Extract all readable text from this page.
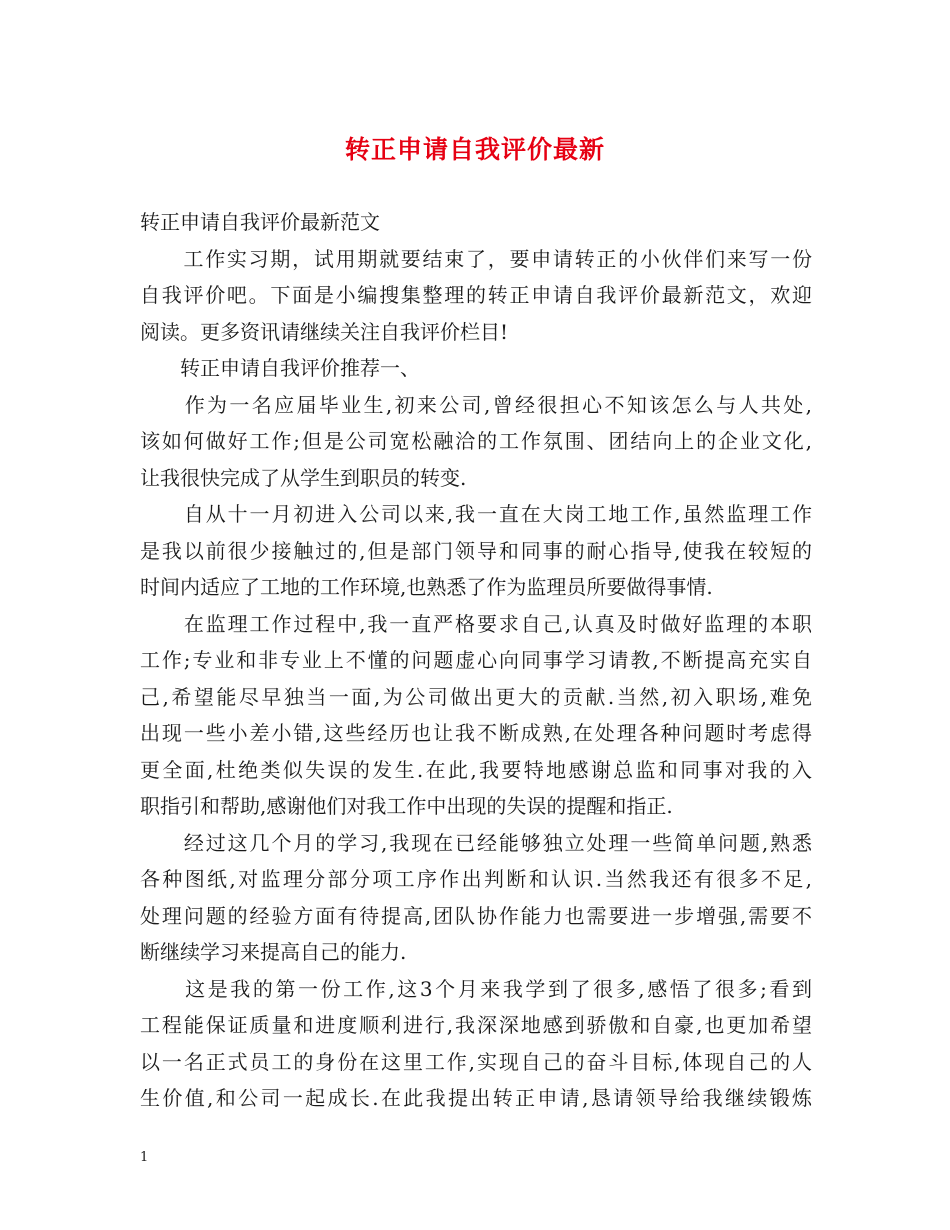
转正申请自我评价最新
转正申请自我评价最新范文
　　工作实习期，试用期就要结束了，要申请转正的小伙伴们来写一份
自我评价吧。下面是小编搜集整理的转正申请自我评价最新范文，欢迎
阅读。更多资讯请继续关注自我评价栏目!
　　转正申请自我评价推荐一、
　　作为一名应届毕业生,初来公司,曾经很担心不知该怎么与人共处,
该如何做好工作;但是公司宽松融洽的工作氛围、团结向上的企业文化,
让我很快完成了从学生到职员的转变.
　　自从十一月初进入公司以来,我一直在大岗工地工作,虽然监理工作
是我以前很少接触过的,但是部门领导和同事的耐心指导,使我在较短的
时间内适应了工地的工作环境,也熟悉了作为监理员所要做得事情.
　　在监理工作过程中,我一直严格要求自己,认真及时做好监理的本职
工作;专业和非专业上不懂的问题虚心向同事学习请教,不断提高充实自
己,希望能尽早独当一面,为公司做出更大的贡献.当然,初入职场,难免
出现一些小差小错,这些经历也让我不断成熟,在处理各种问题时考虑得
更全面,杜绝类似失误的发生.在此,我要特地感谢总监和同事对我的入
职指引和帮助,感谢他们对我工作中出现的失误的提醒和指正.
　　经过这几个月的学习,我现在已经能够独立处理一些简单问题,熟悉
各种图纸,对监理分部分项工序作出判断和认识.当然我还有很多不足,
处理问题的经验方面有待提高,团队协作能力也需要进一步增强,需要不
断继续学习来提高自己的能力.
　　这是我的第一份工作,这3个月来我学到了很多,感悟了很多;看到
工程能保证质量和进度顺利进行,我深深地感到骄傲和自豪,也更加希望
以一名正式员工的身份在这里工作,实现自己的奋斗目标,体现自己的人
生价值,和公司一起成长.在此我提出转正申请,恳请领导给我继续锻炼
1
